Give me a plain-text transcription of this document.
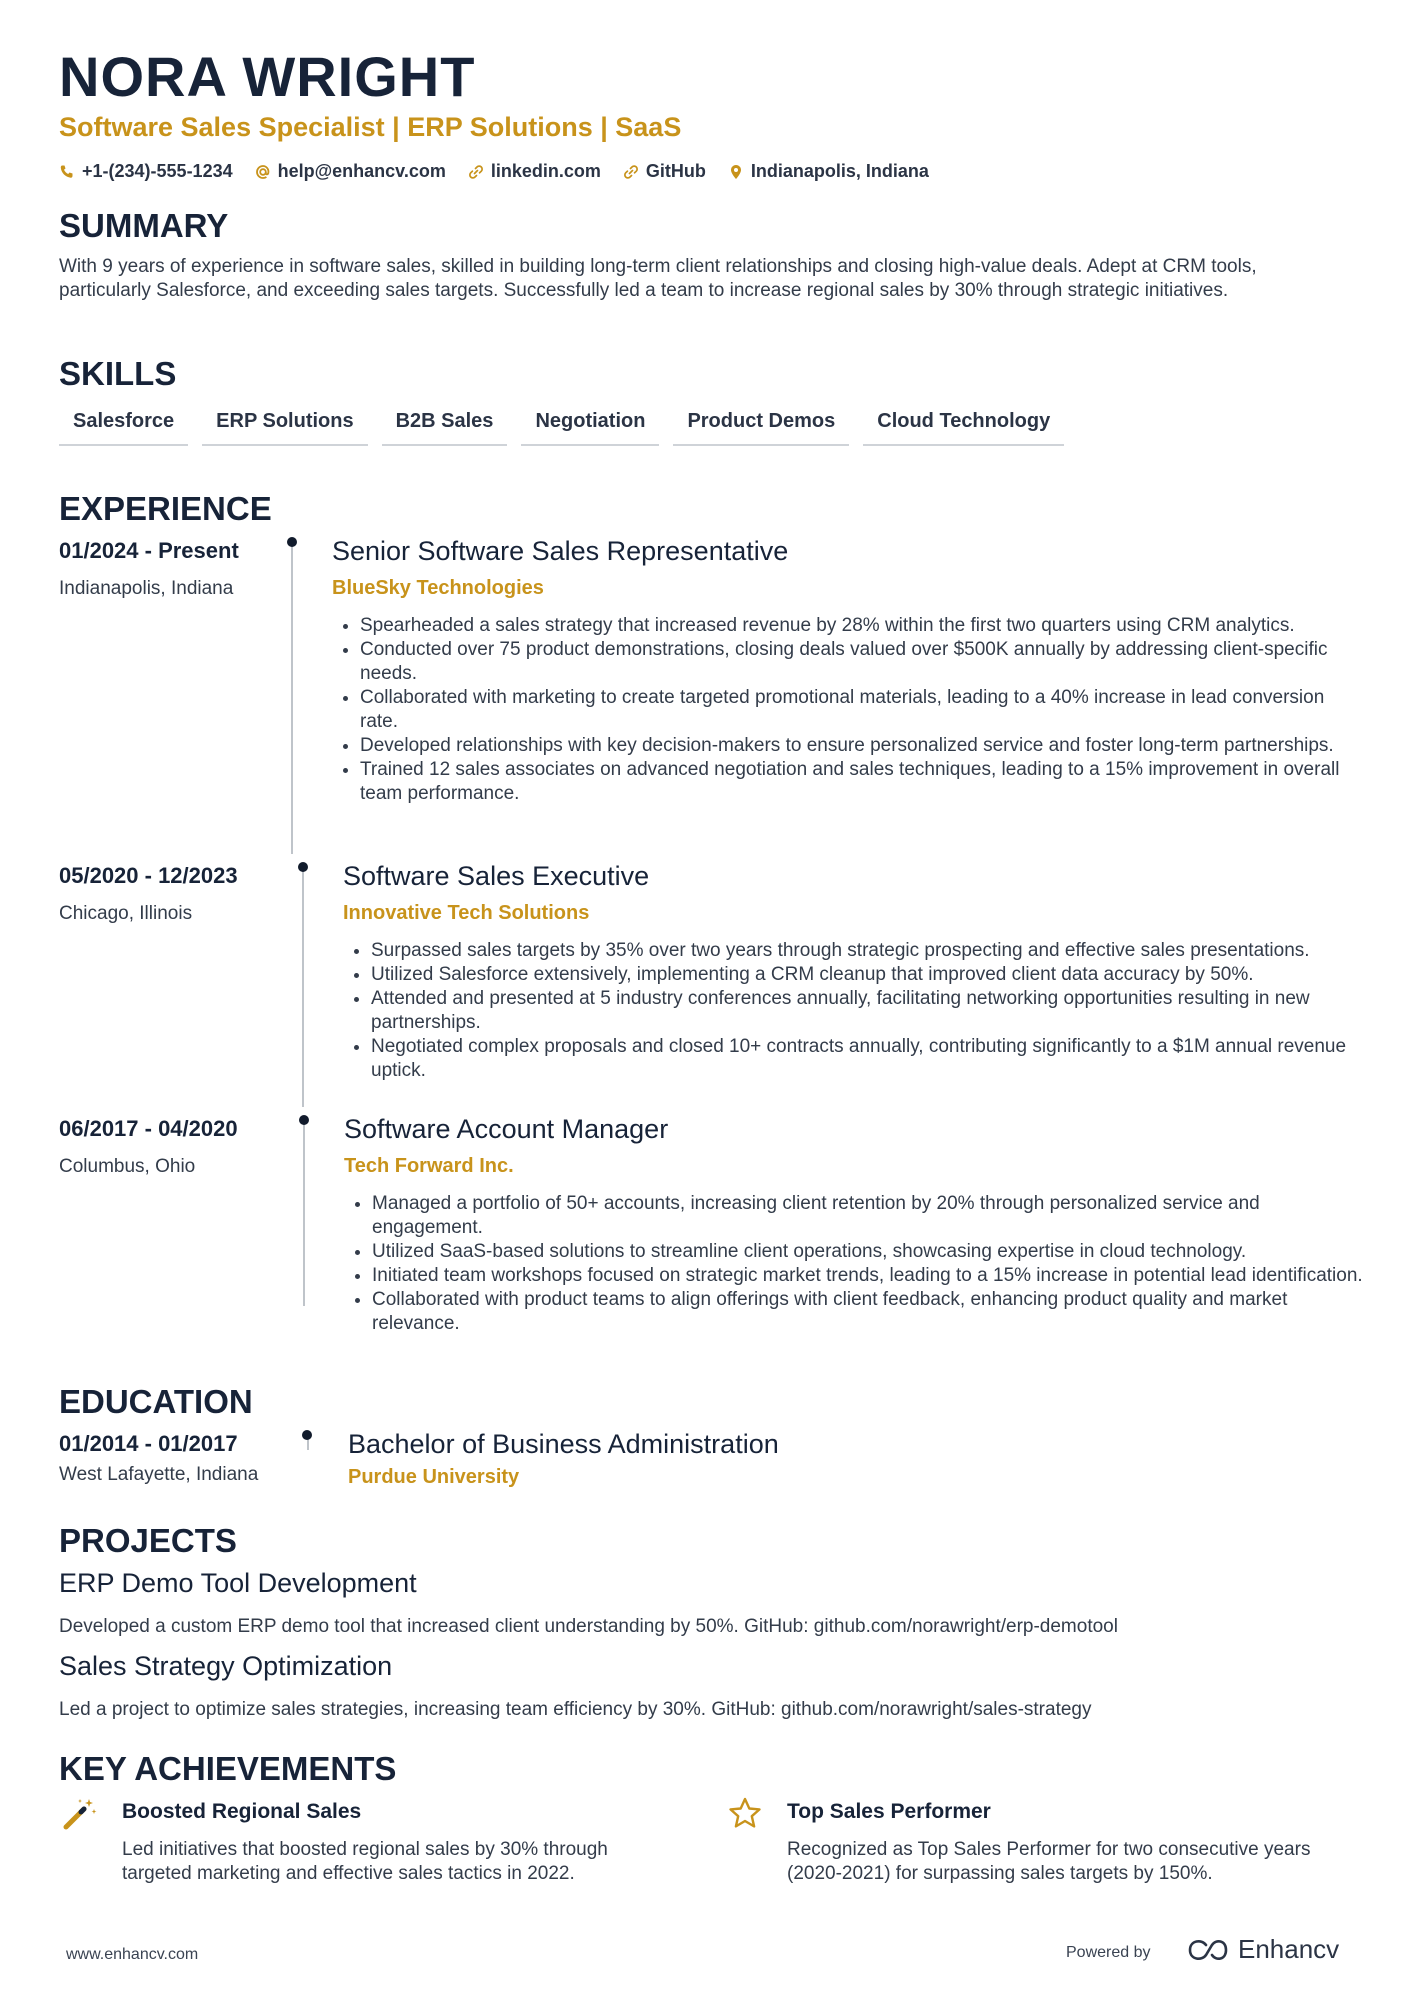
NORA WRIGHT
Software Sales Specialist | ERP Solutions | SaaS
+1-(234)-555-1234	help@enhancv.com	linkedin.com	GitHub	Indianapolis, Indiana
SUMMARY
With 9 years of experience in software sales, skilled in building long-term client relationships and closing high-value deals. Adept at CRM tools, particularly Salesforce, and exceeding sales targets. Successfully led a team to increase regional sales by 30% through strategic initiatives.
SKILLS
Salesforce	ERP Solutions	B2B Sales	Negotiation	Product Demos	Cloud Technology
EXPERIENCE
01/2024 - Present
Indianapolis, Indiana
Senior Software Sales Representative
BlueSky Technologies
• Spearheaded a sales strategy that increased revenue by 28% within the first two quarters using CRM analytics.
• Conducted over 75 product demonstrations, closing deals valued over $500K annually by addressing client-specific needs.
• Collaborated with marketing to create targeted promotional materials, leading to a 40% increase in lead conversion rate.
• Developed relationships with key decision-makers to ensure personalized service and foster long-term partnerships.
• Trained 12 sales associates on advanced negotiation and sales techniques, leading to a 15% improvement in overall team performance.
05/2020 - 12/2023
Chicago, Illinois
Software Sales Executive
Innovative Tech Solutions
• Surpassed sales targets by 35% over two years through strategic prospecting and effective sales presentations.
• Utilized Salesforce extensively, implementing a CRM cleanup that improved client data accuracy by 50%.
• Attended and presented at 5 industry conferences annually, facilitating networking opportunities resulting in new partnerships.
• Negotiated complex proposals and closed 10+ contracts annually, contributing significantly to a $1M annual revenue uptick.
06/2017 - 04/2020
Columbus, Ohio
Software Account Manager
Tech Forward Inc.
• Managed a portfolio of 50+ accounts, increasing client retention by 20% through personalized service and engagement.
• Utilized SaaS-based solutions to streamline client operations, showcasing expertise in cloud technology.
• Initiated team workshops focused on strategic market trends, leading to a 15% increase in potential lead identification.
• Collaborated with product teams to align offerings with client feedback, enhancing product quality and market relevance.
EDUCATION
01/2014 - 01/2017
West Lafayette, Indiana
Bachelor of Business Administration
Purdue University
PROJECTS
ERP Demo Tool Development
Developed a custom ERP demo tool that increased client understanding by 50%. GitHub: github.com/norawright/erp-demotool
Sales Strategy Optimization
Led a project to optimize sales strategies, increasing team efficiency by 30%. GitHub: github.com/norawright/sales-strategy
KEY ACHIEVEMENTS
Boosted Regional Sales
Led initiatives that boosted regional sales by 30% through targeted marketing and effective sales tactics in 2022.
Top Sales Performer
Recognized as Top Sales Performer for two consecutive years (2020-2021) for surpassing sales targets by 150%.
www.enhancv.com	Powered by	Enhancv
